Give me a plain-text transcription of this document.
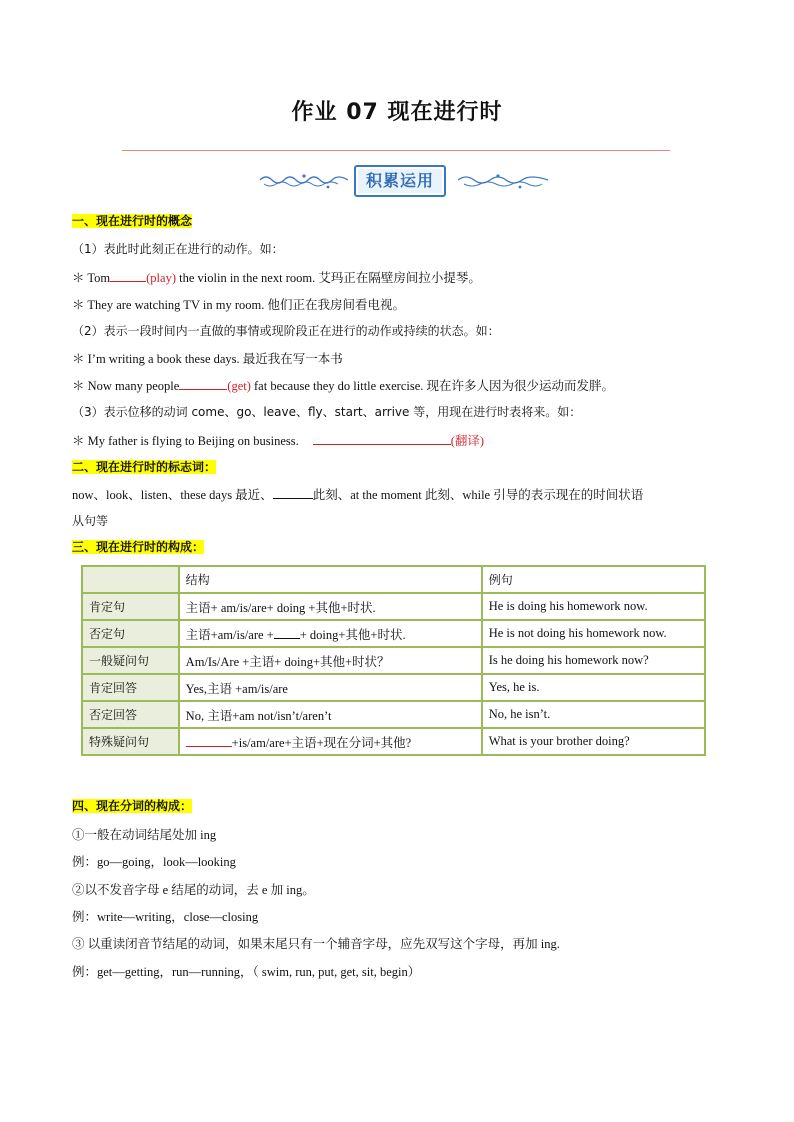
作业 07 现在进行时
积累运用
一、现在进行时的概念
（1）表此时此刻正在进行的动作。如：
＊ Tom	(play) the violin in the next room. 艾玛正在隔壁房间拉小提琴。
＊ They are watching TV in my room. 他们正在我房间看电视。
（2）表示一段时间内一直做的事情或现阶段正在进行的动作或持续的状态。如：
＊ I’m writing a book these days. 最近我在写一本书
＊ Now many people	(get) fat because they do little exercise. 现在许多人因为很少运动而发胖。
（3）表示位移的动词 come、go、leave、fly、start、arrive 等，用现在进行时表将来。如：
＊ My father is flying to Beijing on business.	(翻译)
二、现在进行时的标志词：
now、look、listen、these days 最近、	此刻、at the moment 此刻、while 引导的表示现在的时间状语
从句等
三、现在进行时的构成：
	结构	例句
肯定句	主语+ am/is/are+ doing +其他+时状.	He is doing his homework now.
否定句	主语+am/is/are + + doing+其他+时状.	He is not doing his homework now.
一般疑问句	Am/Is/Are +主语+ doing+其他+时状？	Is he doing his homework now?
肯定回答	Yes,主语 +am/is/are	Yes, he is.
否定回答	No, 主语+am not/isn’t/aren’t	No, he isn’t.
特殊疑问句	+is/am/are+主语+现在分词+其他?	What is your brother doing?
四、现在分词的构成：
①一般在动词结尾处加 ing
例：go—going，look—looking
②以不发音字母 e 结尾的动词，去 e 加 ing。
例：write—writing，close—closing
③ 以重读闭音节结尾的动词，如果末尾只有一个辅音字母，应先双写这个字母，再加 ing.
例：get—getting，run—running，（ swim, run, put, get, sit, begin）
